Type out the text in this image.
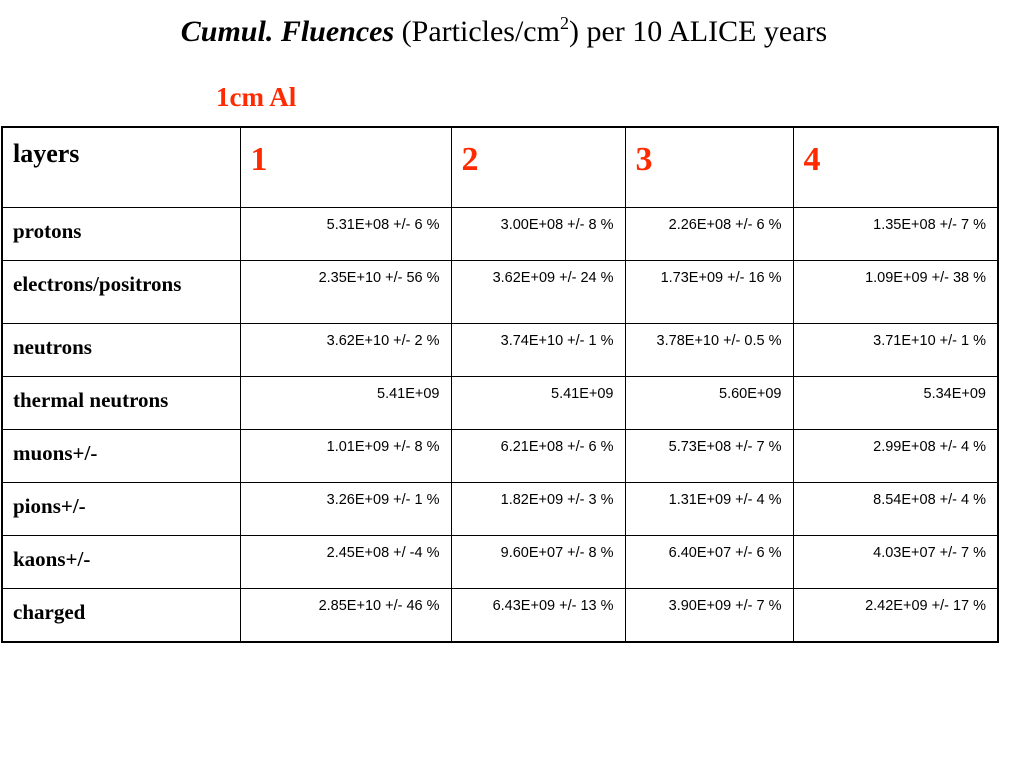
Cumul. Fluences $(Particles/cm^2)$ per 10 ALICE years
1cm Al
layers	1	2	3	4

protons	5.31E+08 +/- 6 %	3.00E+08 +/- 8 %	2.26E+08 +/- 6 %	1.35E+08 +/- 7 %

electrons/positrons	2.35E+10 +/- 56 %	3.62E+09 +/- 24 %	1.73E+09 +/- 16 %	1.09E+09 +/- 38 %

neutrons	3.62E+10 +/- 2 %	3.74E+10 +/- 1 %	3.78E+10 +/- 0.5 %	3.71E+10 +/- 1 %

thermal neutrons	5.41E+09	5.41E+09	5.60E+09	5.34E+09

muons+/-	1.01E+09 +/- 8 %	6.21E+08 +/- 6 %	5.73E+08 +/- 7 %	2.99E+08 +/- 4 %

pions+/-	3.26E+09 +/- 1 %	1.82E+09 +/- 3 %	1.31E+09 +/- 4 %	8.54E+08 +/- 4 %

kaons+/-	2.45E+08 +/ -4 %	9.60E+07 +/- 8 %	6.40E+07 +/- 6 %	4.03E+07 +/- 7 %

charged	2.85E+10 +/- 46 %	6.43E+09 +/- 13 %	3.90E+09 +/- 7 %	2.42E+09 +/- 17 %
